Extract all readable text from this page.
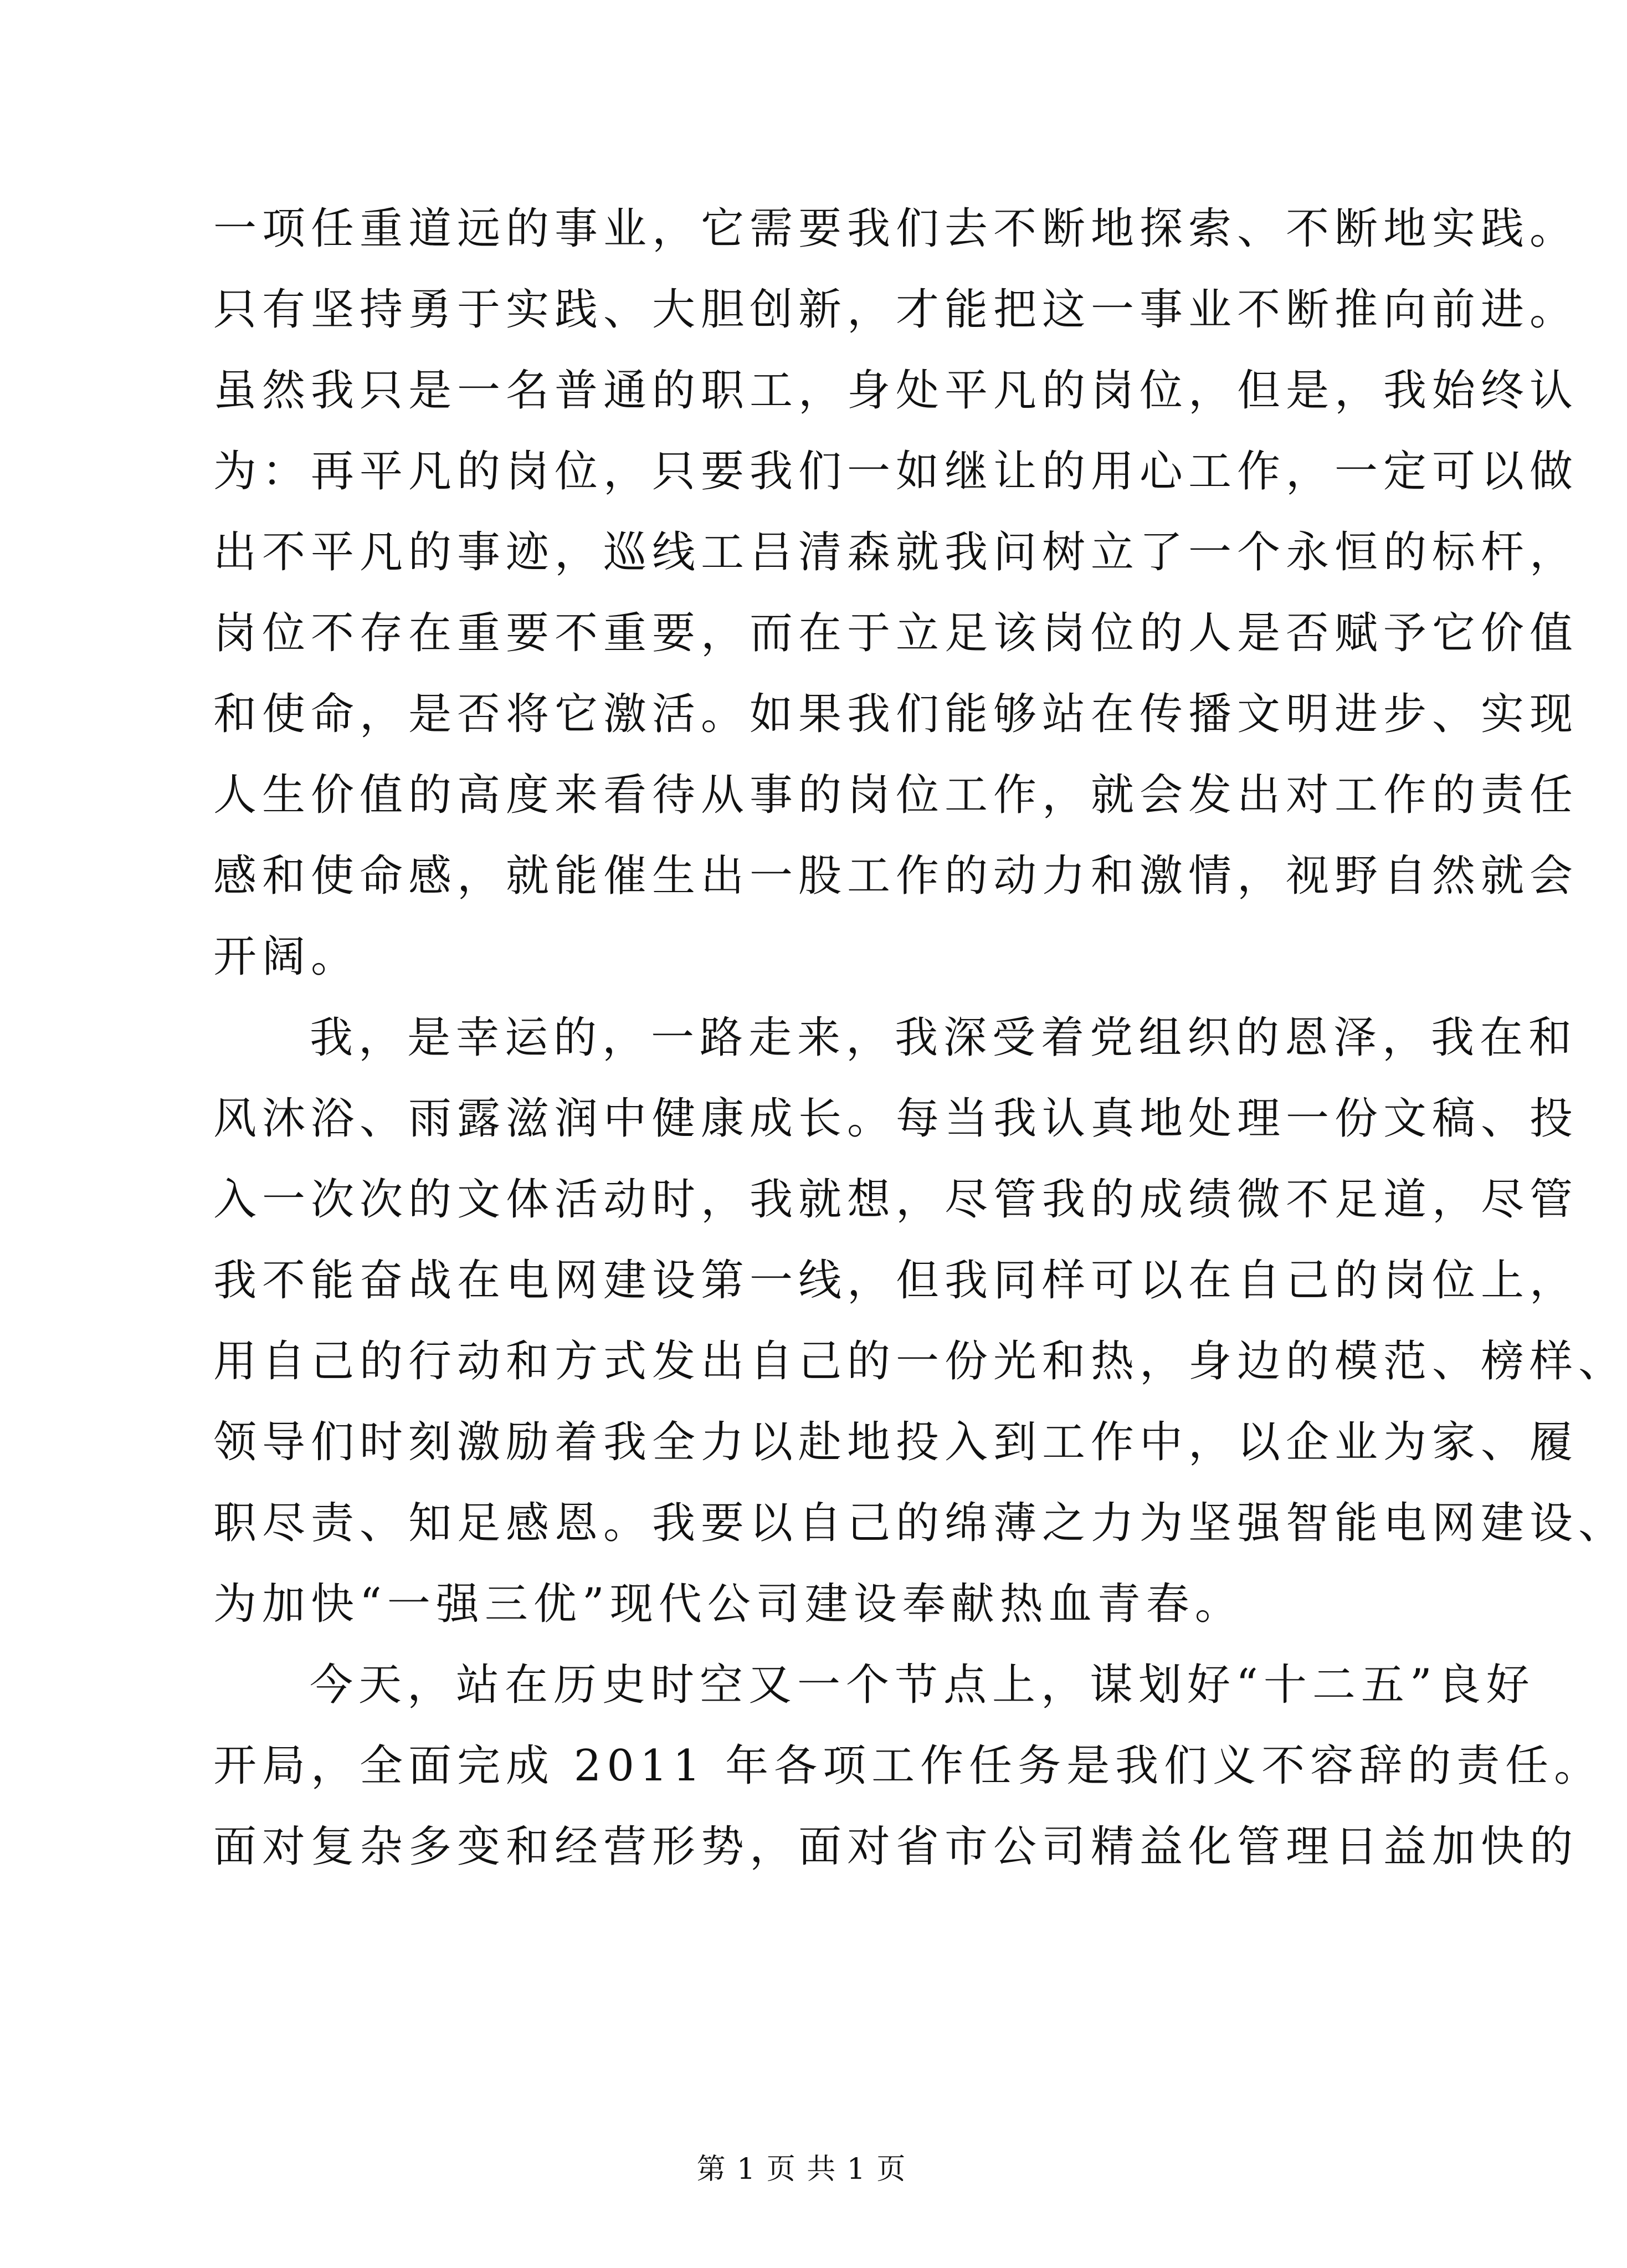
一项任重道远的事业，它需要我们去不断地探索、不断地实践。
只有坚持勇于实践、大胆创新，才能把这一事业不断推向前进。
虽然我只是一名普通的职工，身处平凡的岗位，但是，我始终认
为：再平凡的岗位，只要我们一如继让的用心工作，一定可以做
出不平凡的事迹，巡线工吕清森就我问树立了一个永恒的标杆，
岗位不存在重要不重要，而在于立足该岗位的人是否赋予它价值
和使命，是否将它激活。如果我们能够站在传播文明进步、实现
人生价值的高度来看待从事的岗位工作，就会发出对工作的责任
感和使命感，就能催生出一股工作的动力和激情，视野自然就会
开阔。
我，是幸运的，一路走来，我深受着党组织的恩泽，我在和
风沐浴、雨露滋润中健康成长。每当我认真地处理一份文稿、投
入一次次的文体活动时，我就想，尽管我的成绩微不足道，尽管
我不能奋战在电网建设第一线，但我同样可以在自己的岗位上，
用自己的行动和方式发出自己的一份光和热，身边的模范、榜样、
领导们时刻激励着我全力以赴地投入到工作中，以企业为家、履
职尽责、知足感恩。我要以自己的绵薄之力为坚强智能电网建设、
为加快“一强三优”现代公司建设奉献热血青春。
今天，站在历史时空又一个节点上，谋划好“十二五”良好
开局，全面完成 2011 年各项工作任务是我们义不容辞的责任。
面对复杂多变和经营形势，面对省市公司精益化管理日益加快的
第 1 页 共 1 页
